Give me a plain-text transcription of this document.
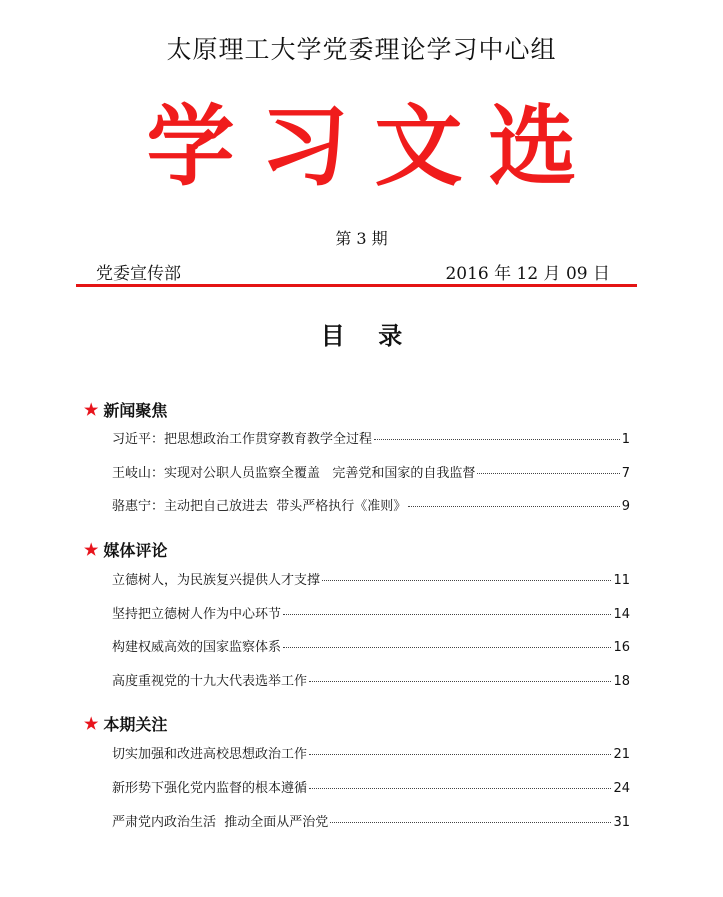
太原理工大学党委理论学习中心组
学习文选
第 3 期
党委宣传部	2016 年 12 月 09 日
目    录
★ 新闻聚焦
习近平：把思想政治工作贯穿教育教学全过程	1
王岐山：实现对公职人员监察全覆盖   完善党和国家的自我监督	7
骆惠宁：主动把自己放进去  带头严格执行《准则》	9
★ 媒体评论
立德树人，为民族复兴提供人才支撑	11
坚持把立德树人作为中心环节	14
构建权威高效的国家监察体系	16
高度重视党的十九大代表选举工作	18
★ 本期关注
切实加强和改进高校思想政治工作	21
新形势下强化党内监督的根本遵循	24
严肃党内政治生活  推动全面从严治党	31
